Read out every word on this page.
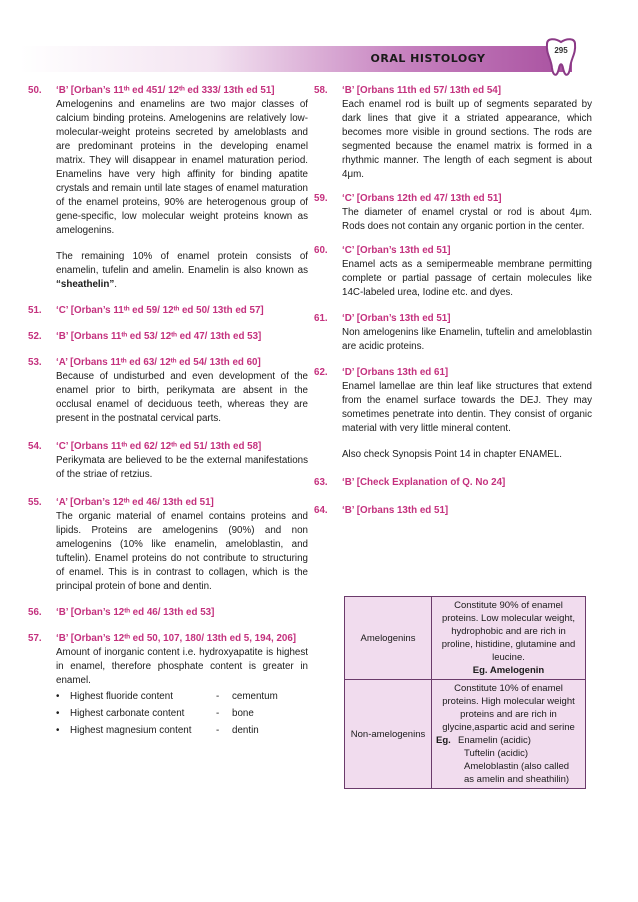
ORAL HISTOLOGY
295
50.	‘B’ [Orban’s 11ᵗʰ ed 451/ 12ᵗʰ ed 333/ 13th ed 51]
Amelogenins and enamelins are two major classes of calcium binding proteins. Amelogenins are relatively low-molecular-weight proteins secreted by ameloblasts and are predominant proteins in the developing enamel matrix. They will disappear in enamel maturation period. Enamelins have very high affinity for binding apatite crystals and remain until late stages of enamel maturation of the enamel proteins, 90% are heterogenous group of gene-specific, low molecular weight proteins known as amelogenins.
The remaining 10% of enamel protein consists of enamelin, tufelin and amelin. Enamelin is also known as “sheathelin”.
51.	‘C’ [Orban’s 11ᵗʰ ed 59/ 12ᵗʰ ed 50/ 13th ed 57]
52.	‘B’ [Orbans 11ᵗʰ ed 53/ 12ᵗʰ ed 47/ 13th ed 53]
53.	‘A’ [Orbans 11ᵗʰ ed 63/ 12ᵗʰ ed 54/ 13th ed 60]
Because of undisturbed and even development of the enamel prior to birth, perikymata are absent in the occlusal enamel of deciduous teeth, whereas they are present in the postnatal cervical parts.
54.	‘C’ [Orbans 11ᵗʰ ed 62/ 12ᵗʰ ed 51/ 13th ed 58]
Perikymata are believed to be the external manifestations of the striae of retzius.
55.	‘A’ [Orban’s 12ᵗʰ ed 46/ 13th ed 51]
The organic material of enamel contains proteins and lipids. Proteins are amelogenins (90%) and non amelogenins (10% like enamelin, ameloblastin, and tuftelin). Enamel proteins do not contribute to structuring of enamel. This is in contrast to collagen, which is the principal protein of bone and dentin.
56.	‘B’ [Orban’s 12ᵗʰ ed 46/ 13th ed 53]
57.	‘B’ [Orban’s 12ᵗʰ ed 50, 107, 180/ 13th ed 5, 194, 206]
Amount of inorganic content i.e. hydroxyapatite is highest in enamel, therefore phosphate content is greater in enamel.
•	Highest fluoride content	-	cementum
•	Highest carbonate content	-	bone
•	Highest magnesium content	-	dentin
58.	‘B’ [Orbans 11th ed 57/ 13th ed 54]
Each enamel rod is built up of segments separated by dark lines that give it a striated appearance, which becomes more visible in ground sections. The rods are segmented because the enamel matrix is formed in a rhythmic manner. The length of each segment is about 4μm.
59.	‘C’ [Orbans 12th ed 47/ 13th ed 51]
The diameter of enamel crystal or rod is about 4μm. Rods does not contain any organic portion in the center.
60.	‘C’ [Orban’s 13th ed 51]
Enamel acts as a semipermeable membrane permitting complete or partial passage of certain molecules like 14C-labeled urea, Iodine etc. and dyes.
61.	‘D’ [Orban’s 13th ed 51]
Non amelogenins like Enamelin, tuftelin and ameloblastin are acidic proteins.
62.	‘D’ [Orbans 13th ed 61]
Enamel lamellae are thin leaf like structures that extend from the enamel surface towards the DEJ. They may sometimes penetrate into dentin. They consist of organic material with very little mineral content.
Also check Synopsis Point 14 in chapter ENAMEL.
63.	‘B’ [Check Explanation of Q. No 24]
64.	‘B’ [Orbans 13th ed 51]
Amelogenins	Constitute 90% of enamel proteins. Low molecular weight, hydrophobic and are rich in proline, histidine, glutamine and leucine.
Eg. Amelogenin
Non-amelogenins	Constitute 10% of enamel proteins. High molecular weight proteins and are rich in glycine,aspartic acid and serine

Eg. Enamelin (acidic)
Tuftelin (acidic)
Ameloblastin (also called as amelin and sheathilin)
